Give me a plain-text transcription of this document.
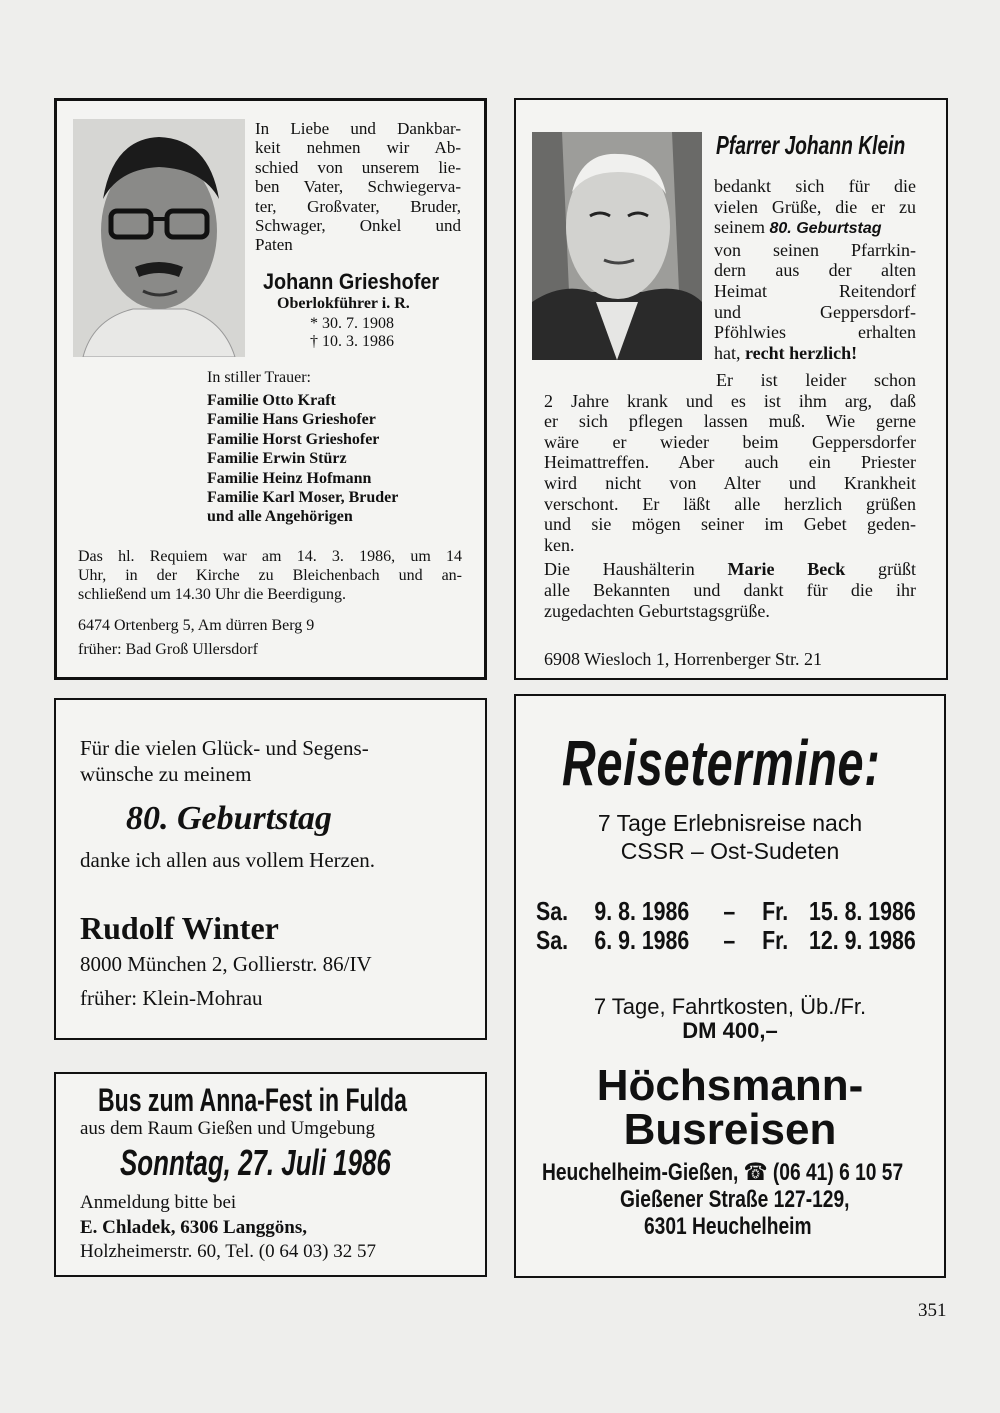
In Liebe und Dankbar-
keit nehmen wir Ab-
schied von unserem lie-
ben Vater, Schwiegerva-
ter, Großvater, Bruder,
Schwager, Onkel und
Paten
Johann Grieshofer
Oberlokführer i. R.
* 30. 7. 1908
† 10. 3. 1986
In stiller Trauer:
Familie Otto Kraft
Familie Hans Grieshofer
Familie Horst Grieshofer
Familie Erwin Stürz
Familie Heinz Hofmann
Familie Karl Moser, Bruder
und alle Angehörigen
Das hl. Requiem war am 14. 3. 1986, um 14
Uhr, in der Kirche zu Bleichenbach und an-
schließend um 14.30 Uhr die Beerdigung.
6474 Ortenberg 5, Am dürren Berg 9
früher: Bad Groß Ullersdorf
Pfarrer Johann Klein
bedankt sich für die
vielen Grüße, die er zu
seinem 80. Geburtstag
von seinen Pfarrkin-
dern aus der alten
Heimat Reitendorf
und Geppersdorf-
Pföhlwies erhalten
hat, recht herzlich!
Er ist leider schon
2 Jahre krank und es ist ihm arg, daß
er sich pflegen lassen muß. Wie gerne
wäre er wieder beim Geppersdorfer
Heimattreffen. Aber auch ein Priester
wird nicht von Alter und Krankheit
verschont. Er läßt alle herzlich grüßen
und sie mögen seiner im Gebet geden-
ken.
Die Haushälterin Marie Beck grüßt
alle Bekannten und dankt für die ihr
zugedachten Geburtstagsgrüße.
6908 Wiesloch 1, Horrenberger Str. 21
Für die vielen Glück- und Segens-
wünsche zu meinem
80. Geburtstag
danke ich allen aus vollem Herzen.
Rudolf Winter
8000 München 2, Gollierstr. 86/IV
früher: Klein-Mohrau
Bus zum Anna-Fest in Fulda
aus dem Raum Gießen und Umgebung
Sonntag, 27. Juli 1986
Anmeldung bitte bei
E. Chladek, 6306 Langgöns,
Holzheimerstr. 60, Tel. (0 64 03) 32 57
Reisetermine:
7 Tage Erlebnisreise nach
CSSR – Ost-Sudeten
Sa. 9. 8. 1986 – Fr. 15. 8. 1986
Sa. 6. 9. 1986 – Fr. 12. 9. 1986
7 Tage, Fahrtkosten, Üb./Fr.
DM 400,–
Höchsmann-
Busreisen
Heuchelheim-Gießen, ☎ (06 41) 6 10 57
Gießener Straße 127-129,
6301 Heuchelheim
351
